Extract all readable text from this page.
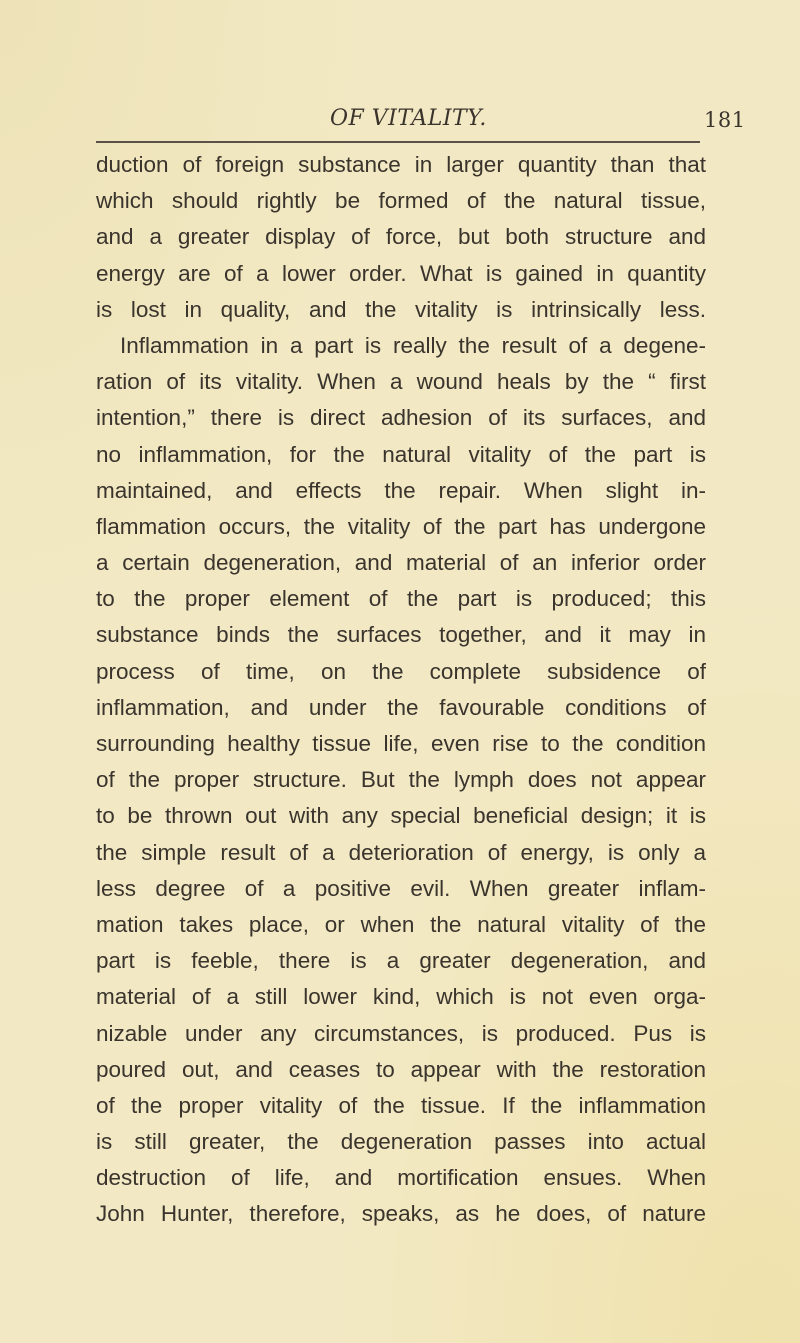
OF VITALITY.	181
duction of foreign substance in larger quantity than that
which should rightly be formed of the natural tissue,
and a greater display of force, but both structure and
energy are of a lower order. What is gained in quantity
is lost in quality, and the vitality is intrinsically less.
Inflammation in a part is really the result of a degene-
ration of its vitality. When a wound heals by the “ first
intention,” there is direct adhesion of its surfaces, and
no inflammation, for the natural vitality of the part is
maintained, and effects the repair. When slight in-
flammation occurs, the vitality of the part has undergone
a certain degeneration, and material of an inferior order
to the proper element of the part is produced; this
substance binds the surfaces together, and it may in
process of time, on the complete subsidence of
inflammation, and under the favourable conditions of
surrounding healthy tissue life, even rise to the condition
of the proper structure. But the lymph does not appear
to be thrown out with any special beneficial design; it is
the simple result of a deterioration of energy, is only a
less degree of a positive evil. When greater inflam-
mation takes place, or when the natural vitality of the
part is feeble, there is a greater degeneration, and
material of a still lower kind, which is not even orga-
nizable under any circumstances, is produced. Pus is
poured out, and ceases to appear with the restoration
of the proper vitality of the tissue. If the inflammation
is still greater, the degeneration passes into actual
destruction of life, and mortification ensues. When
John Hunter, therefore, speaks, as he does, of nature
